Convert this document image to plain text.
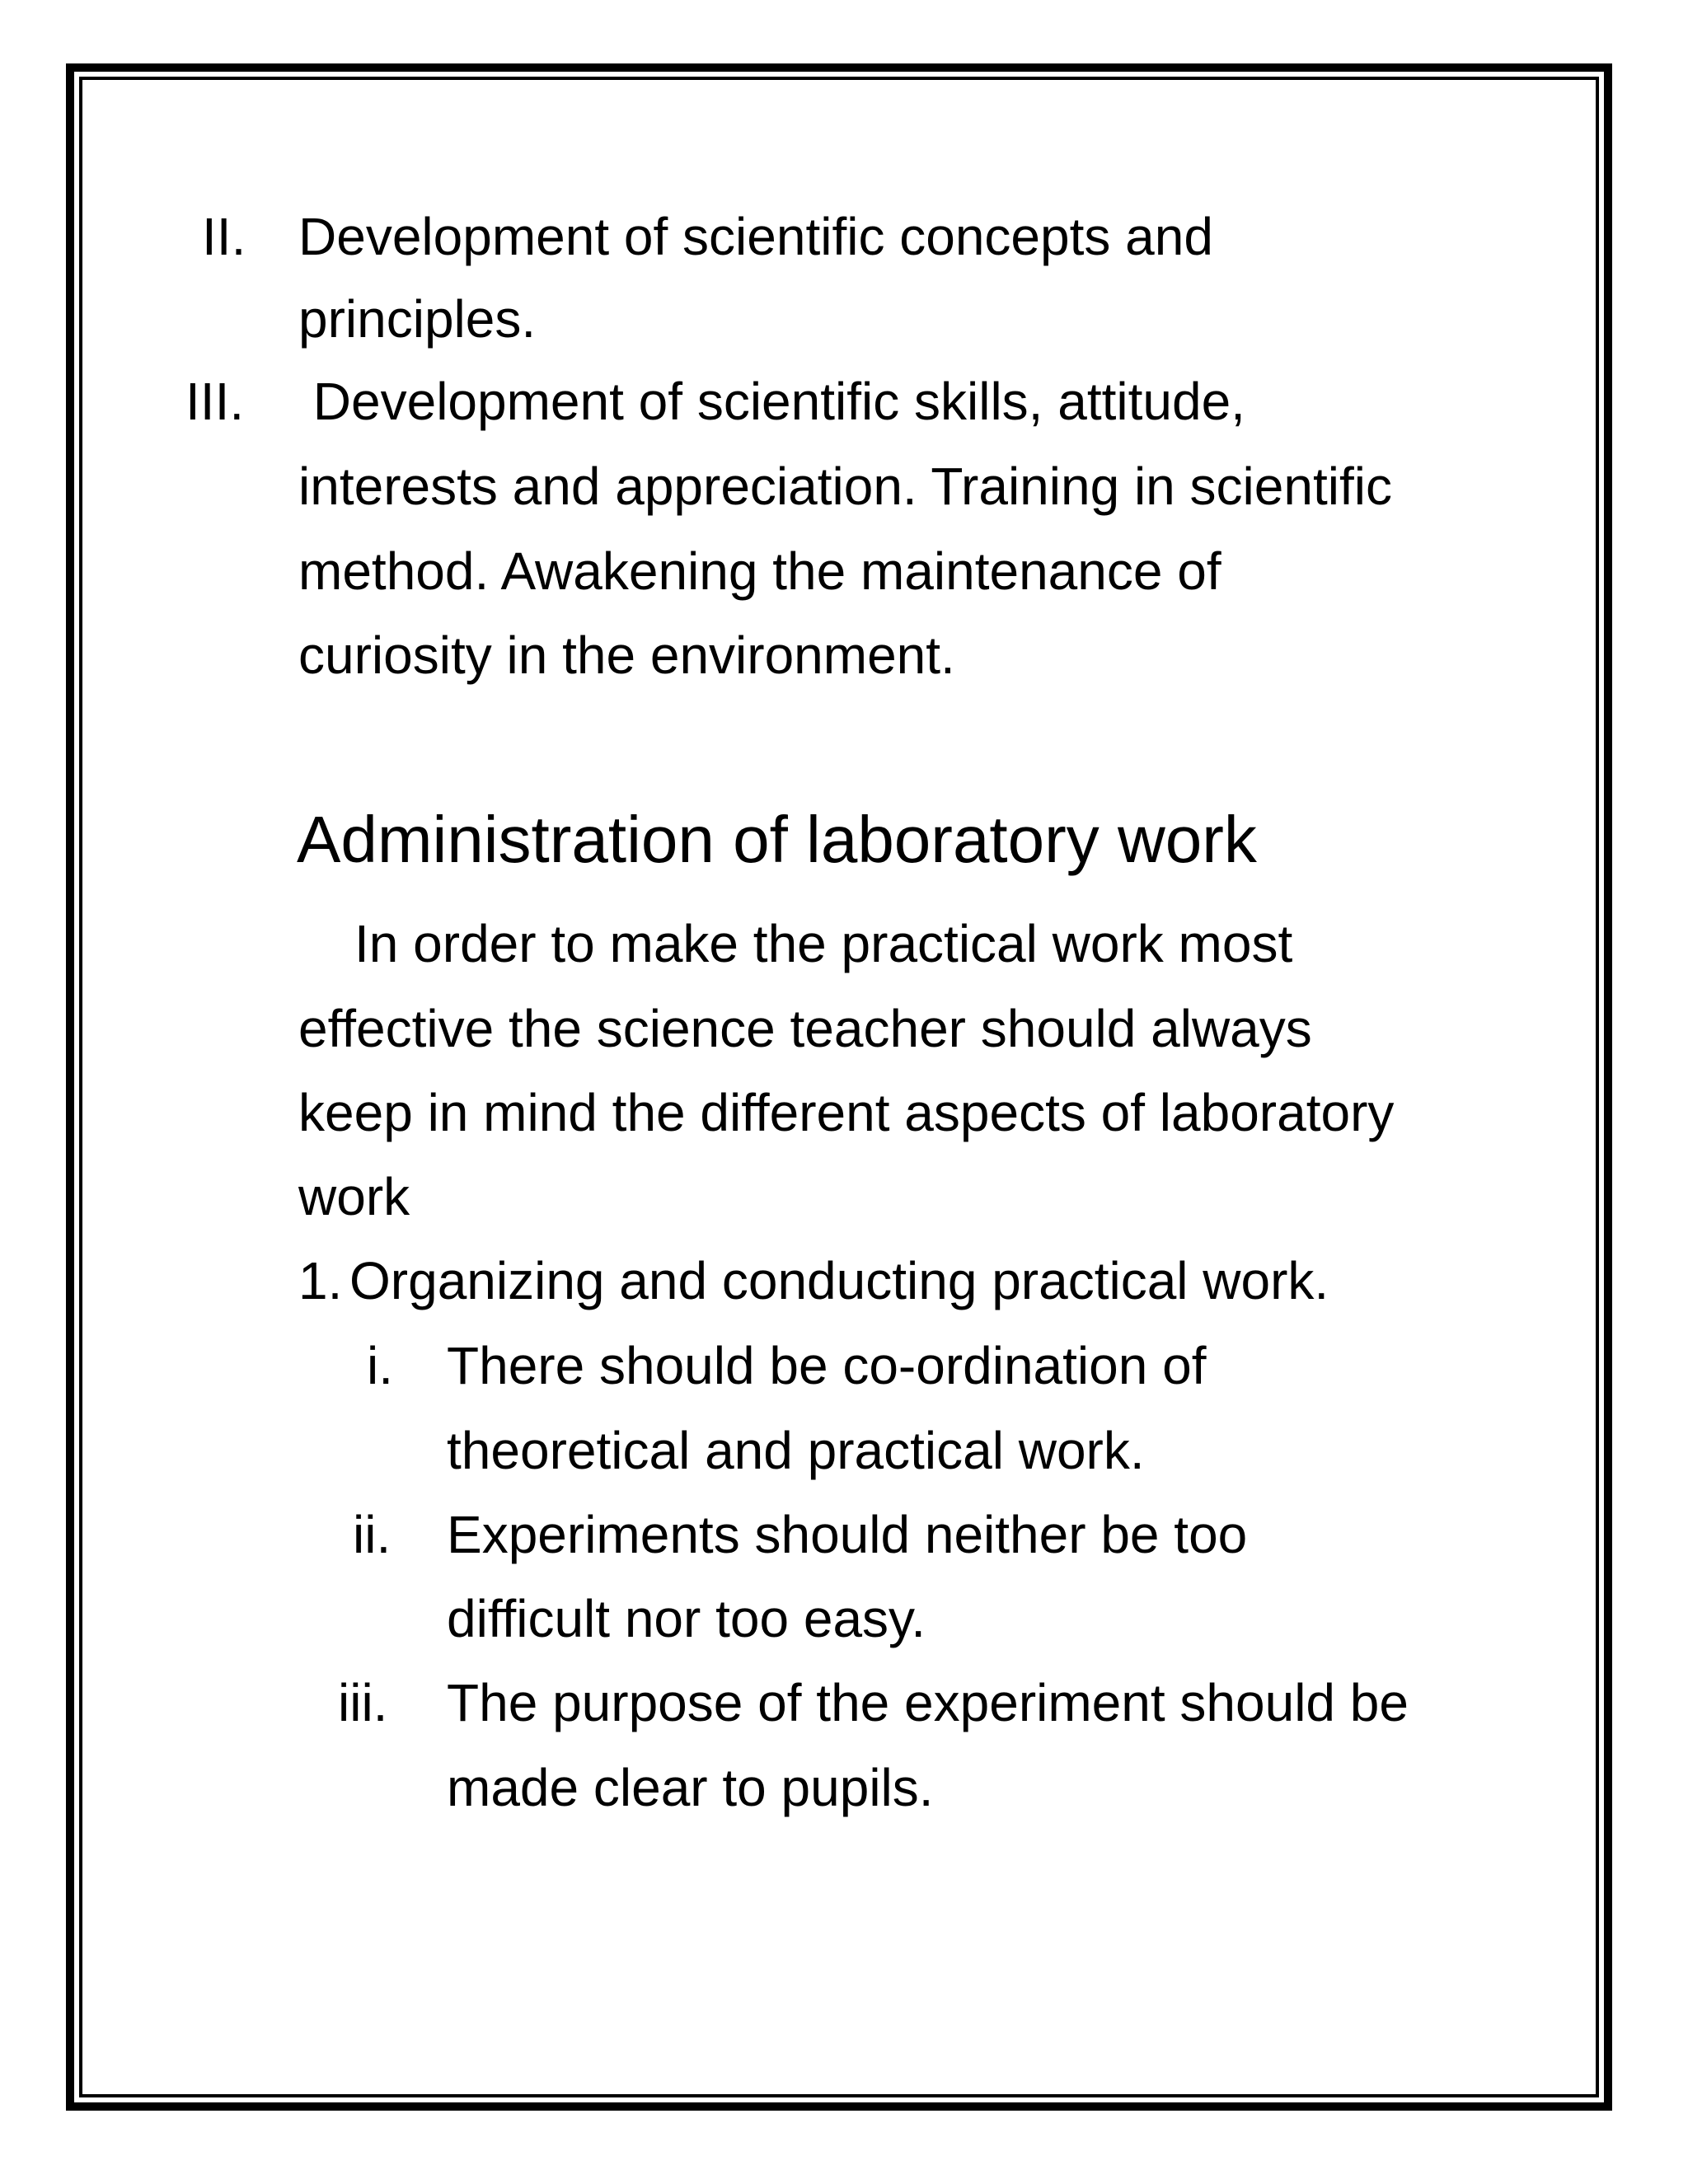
II. Development of scientific concepts and
principles.
III. Development of scientific skills, attitude,
interests and appreciation. Training in scientific
method. Awakening the maintenance of
curiosity in the environment.
Administration of laboratory work
In order to make the practical work most
effective the science teacher should always
keep in mind the different aspects of laboratory
work
1. Organizing and conducting practical work.
i. There should be co-ordination of
theoretical and practical work.
ii. Experiments should neither be too
difficult nor too easy.
iii. The purpose of the experiment should be
made clear to pupils.
